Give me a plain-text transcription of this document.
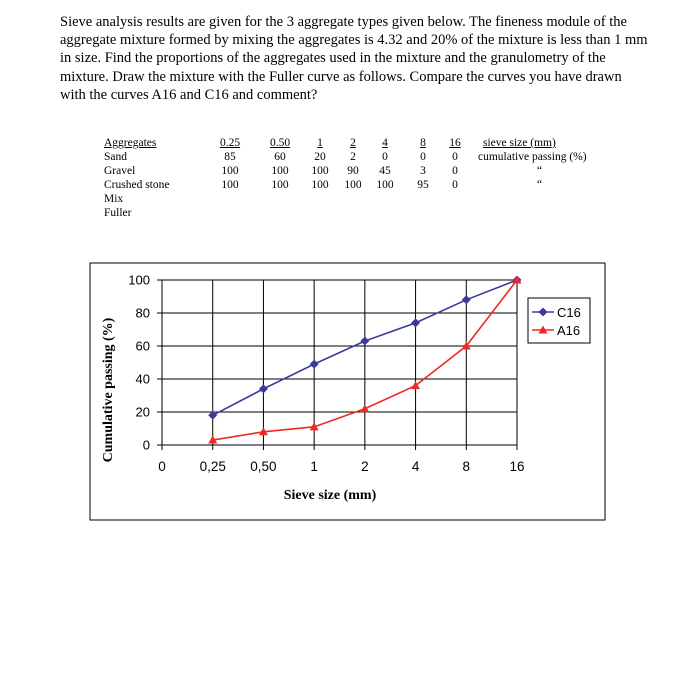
Sieve analysis results are given for the 3 aggregate types given below. The fineness module of the aggregate mixture formed by mixing the aggregates is 4.32 and 20% of the mixture is less than 1 mm in size. Find the proportions of the aggregates used in the mixture and the granulometry of the mixture. Draw the mixture with the Fuller curve as follows. Compare the curves you have drawn with the curves A16 and C16 and comment?
Aggregates	0.25	0.50	1	2	4	8	16	sieve size (mm)
Sand	85	60	20	2	0	0	0	cumulative passing (%)
Gravel	100	100	100	90	45	3	0	“
Crushed stone	100	100	100	100	100	95	0	“
Mix
Fuller
0
20
40
60
80
100
0	0,25 0,50	1	2	4	8	16
Sieve size (mm)
Cumulative passing (%)
C16
A16
